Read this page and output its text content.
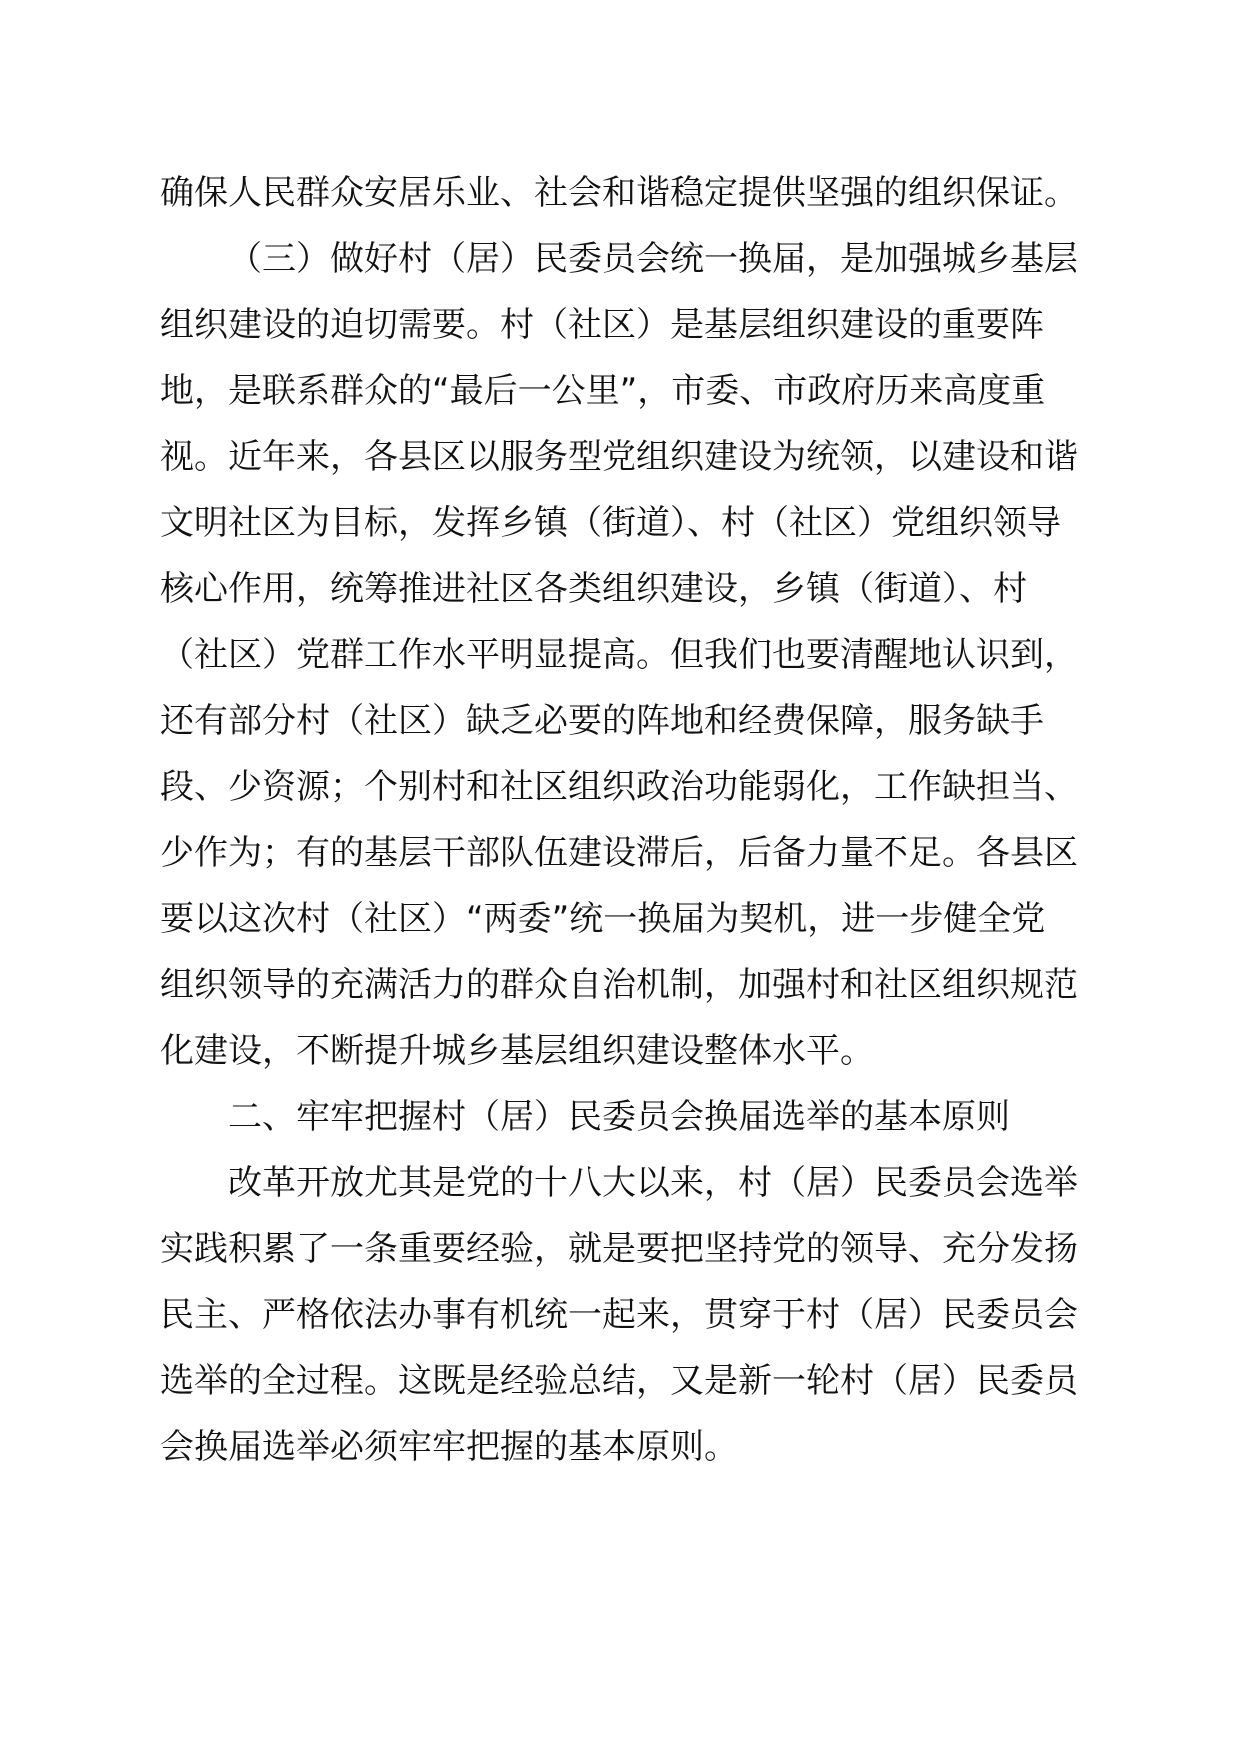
确保人民群众安居乐业、社会和谐稳定提供坚强的组织保证。
（三）做好村（居）民委员会统一换届，是加强城乡基层
组织建设的迫切需要。村（社区）是基层组织建设的重要阵
地，是联系群众的“最后一公里”，市委、市政府历来高度重
视。近年来，各县区以服务型党组织建设为统领，以建设和谐
文明社区为目标，发挥乡镇（街道）、村（社区）党组织领导
核心作用，统筹推进社区各类组织建设，乡镇（街道）、村
（社区）党群工作水平明显提高。但我们也要清醒地认识到，
还有部分村（社区）缺乏必要的阵地和经费保障，服务缺手
段、少资源；个别村和社区组织政治功能弱化，工作缺担当、
少作为；有的基层干部队伍建设滞后，后备力量不足。各县区
要以这次村（社区）“两委”统一换届为契机，进一步健全党
组织领导的充满活力的群众自治机制，加强村和社区组织规范
化建设，不断提升城乡基层组织建设整体水平。
二、牢牢把握村（居）民委员会换届选举的基本原则
改革开放尤其是党的十八大以来，村（居）民委员会选举
实践积累了一条重要经验，就是要把坚持党的领导、充分发扬
民主、严格依法办事有机统一起来，贯穿于村（居）民委员会
选举的全过程。这既是经验总结，又是新一轮村（居）民委员
会换届选举必须牢牢把握的基本原则。
